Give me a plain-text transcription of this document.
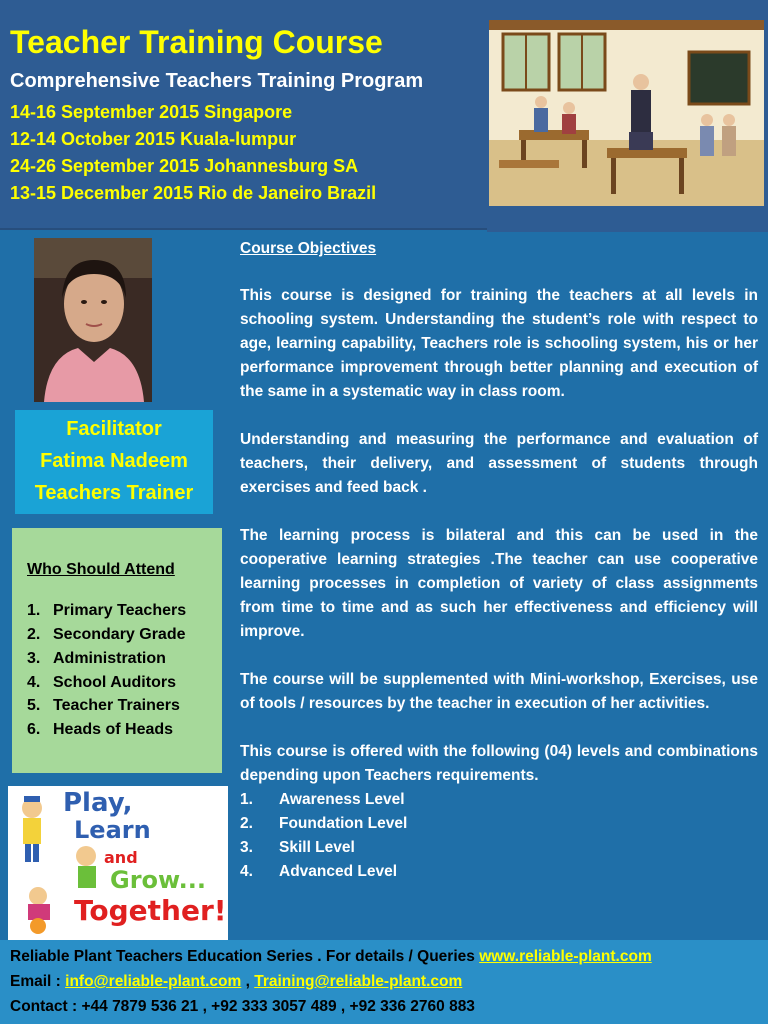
Teacher Training Course
Comprehensive Teachers Training Program
14-16 September 2015 Singapore
12-14 October 2015 Kuala-lumpur
24-26 September 2015 Johannesburg SA
13-15 December 2015 Rio de Janeiro Brazil
Facilitator
Fatima Nadeem
Teachers Trainer
Who Should Attend
1. Primary Teachers
2. Secondary Grade
3. Administration
4. School Auditors
5. Teacher Trainers
6. Heads of Heads
Play,
Learn
and
Grow...
Together!
Course Objectives

This course is designed for training the teachers at all levels in schooling system. Understanding the student’s role with respect to age, learning capability, Teachers role is schooling system, his or her performance improvement through better planning and execution of the same in a systematic way in class room.

Understanding and measuring the performance and evaluation of teachers, their delivery, and assessment of students through exercises and feed back .

The learning process is bilateral and this can be used in the cooperative learning strategies .The teacher can use cooperative learning processes in completion of variety of class assignments from time to time and as such her effectiveness and efficiency will improve.

The course will be supplemented with Mini-workshop, Exercises, use of tools / resources by the teacher in execution of her activities.

This course is offered with the following (04) levels and combinations depending upon Teachers requirements.

1. Awareness Level
2. Foundation Level
3. Skill Level
4. Advanced Level
Reliable Plant Teachers Education Series . For details / Queries www.reliable-plant.com
Email : info@reliable-plant.com , Training@reliable-plant.com
Contact : +44 7879 536 21 , +92 333 3057 489 , +92 336 2760 883
